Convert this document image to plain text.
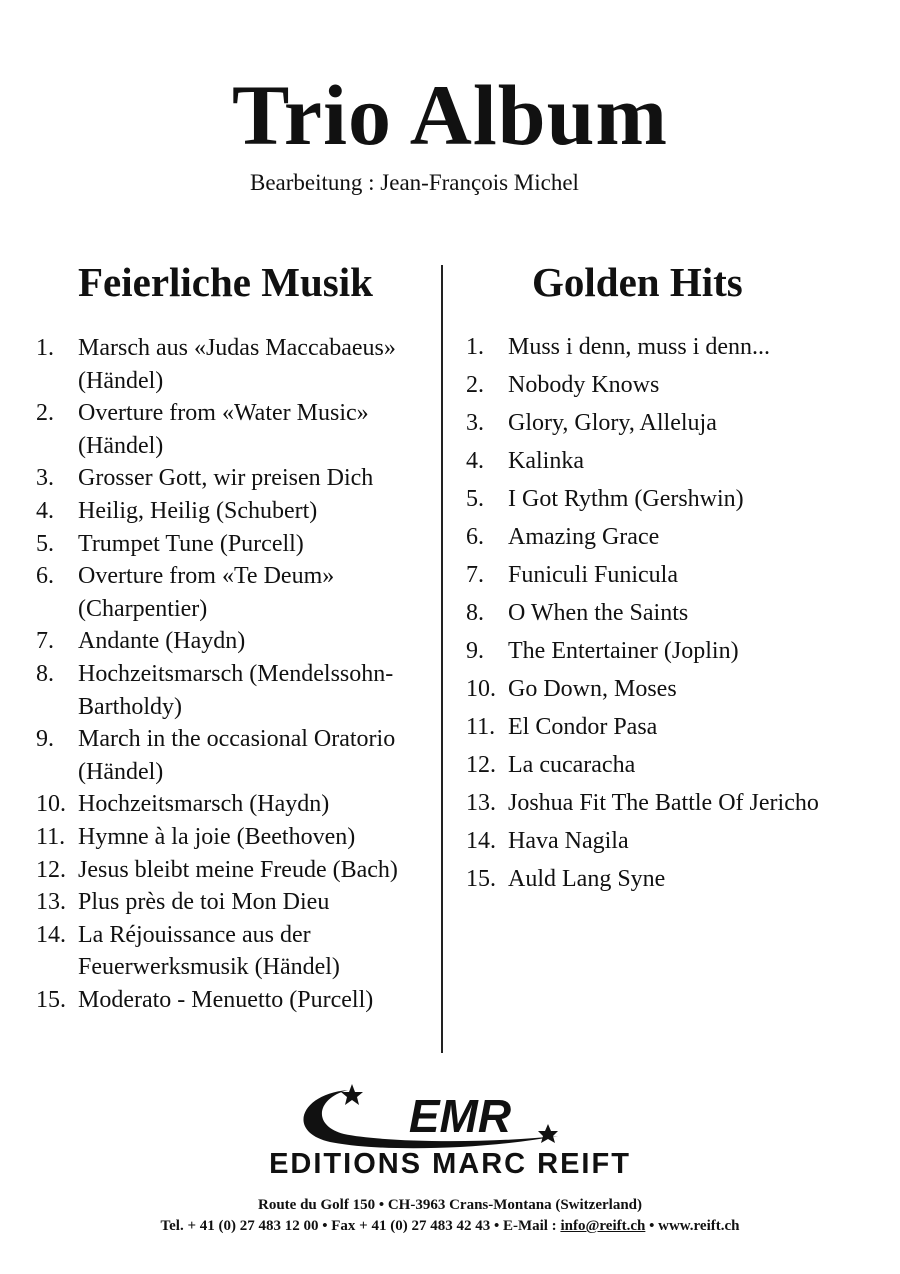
Trio Album
Bearbeitung : Jean-François Michel
Feierliche Musik	Golden Hits
1. Marsch aus «Judas Maccabaeus» (Händel)
2. Overture from «Water Music» (Händel)
3. Grosser Gott, wir preisen Dich
4. Heilig, Heilig (Schubert)
5. Trumpet Tune (Purcell)
6. Overture from «Te Deum» (Charpentier)
7. Andante (Haydn)
8. Hochzeitsmarsch (Mendelssohn-Bartholdy)
9. March in the occasional Oratorio (Händel)
10. Hochzeitsmarsch (Haydn)
11. Hymne à la joie (Beethoven)
12. Jesus bleibt meine Freude (Bach)
13. Plus près de toi Mon Dieu
14. La Réjouissance aus der Feuerwerksmusik (Händel)
15. Moderato - Menuetto (Purcell)
1. Muss i denn, muss i denn...
2. Nobody Knows
3. Glory, Glory, Alleluja
4. Kalinka
5. I Got Rythm (Gershwin)
6. Amazing Grace
7. Funiculi Funicula
8. O When the Saints
9. The Entertainer (Joplin)
10. Go Down, Moses
11. El Condor Pasa
12. La cucaracha
13. Joshua Fit The Battle Of Jericho
14. Hava Nagila
15. Auld Lang Syne
EMR
EDITIONS MARC REIFT
Route du Golf 150 • CH-3963 Crans-Montana (Switzerland)
Tel. + 41 (0) 27 483 12 00 • Fax + 41 (0) 27 483 42 43 • E-Mail : info@reift.ch • www.reift.ch
